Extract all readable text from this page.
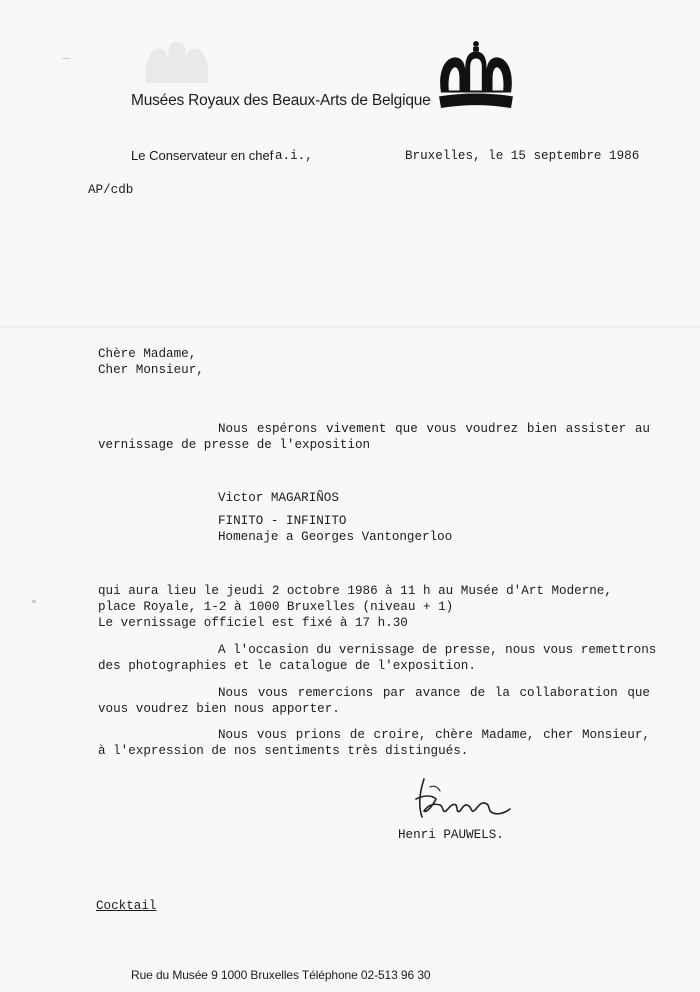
Musées Royaux des Beaux-Arts de Belgique
Le Conservateur en chef a.i.,	Bruxelles, le 15 septembre 1986
AP/cdb
Chère Madame,
Cher Monsieur,
Nous espérons vivement que vous voudrez bien assister au
vernissage de presse de l'exposition
Victor MAGARIÑOS
FINITO - INFINITO
Homenaje a Georges Vantongerloo
qui aura lieu le jeudi 2 octobre 1986 à 11 h au Musée d'Art Moderne,
place Royale, 1-2 à 1000 Bruxelles (niveau + 1)
Le vernissage officiel est fixé à 17 h.30
A l'occasion du vernissage de presse, nous vous remettrons
des photographies et le catalogue de l'exposition.
Nous vous remercions par avance de la collaboration que
vous voudrez bien nous apporter.
Nous vous prions de croire, chère Madame, cher Monsieur,
à l'expression de nos sentiments très distingués.
Henri PAUWELS.
Cocktail
Rue du Musée 9 1000 Bruxelles Téléphone 02-513 96 30
